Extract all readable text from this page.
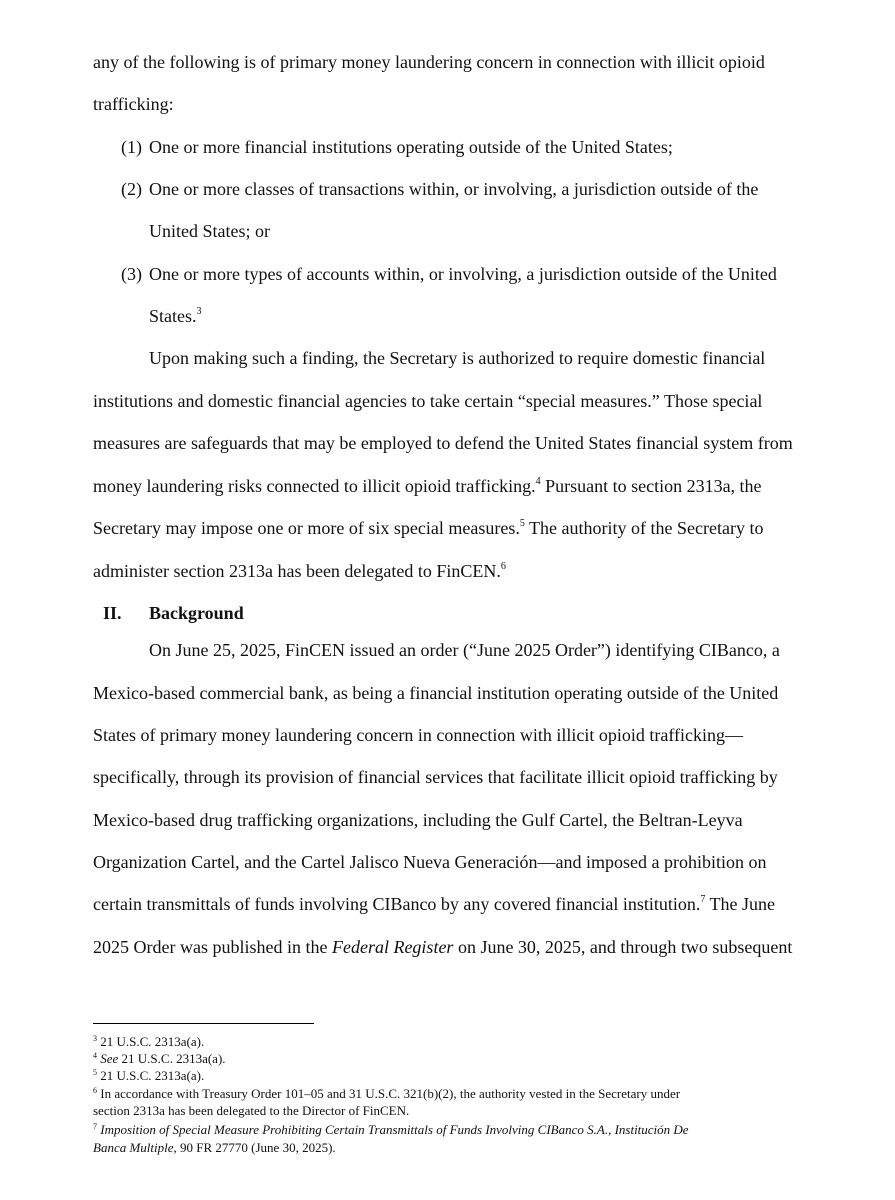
any of the following is of primary money laundering concern in connection with illicit opioid
trafficking:
(1) One or more financial institutions operating outside of the United States;
(2) One or more classes of transactions within, or involving, a jurisdiction outside of the
United States; or
(3) One or more types of accounts within, or involving, a jurisdiction outside of the United
States.$^3$
Upon making such a finding, the Secretary is authorized to require domestic financial
institutions and domestic financial agencies to take certain “special measures.” Those special
measures are safeguards that may be employed to defend the United States financial system from
money laundering risks connected to illicit opioid trafficking.$^4$ Pursuant to section 2313a, the
Secretary may impose one or more of six special measures.$^5$ The authority of the Secretary to
administer section 2313a has been delegated to FinCEN.$^6$
II. Background
On June 25, 2025, FinCEN issued an order (“June 2025 Order”) identifying CIBanco, a
Mexico-based commercial bank, as being a financial institution operating outside of the United
States of primary money laundering concern in connection with illicit opioid trafficking—
specifically, through its provision of financial services that facilitate illicit opioid trafficking by
Mexico-based drug trafficking organizations, including the Gulf Cartel, the Beltran-Leyva
Organization Cartel, and the Cartel Jalisco Nueva Generación—and imposed a prohibition on
certain transmittals of funds involving CIBanco by any covered financial institution.$^7$ The June
2025 Order was published in the Federal Register on June 30, 2025, and through two subsequent
$^3$ 21 U.S.C. 2313a(a).
$^4$ See 21 U.S.C. 2313a(a).
$^5$ 21 U.S.C. 2313a(a).
$^6$ In accordance with Treasury Order 101–05 and 31 U.S.C. 321(b)(2), the authority vested in the Secretary under
section 2313a has been delegated to the Director of FinCEN.
$^7$ Imposition of Special Measure Prohibiting Certain Transmittals of Funds Involving CIBanco S.A., Institución De
Banca Multiple, 90 FR 27770 (June 30, 2025).
